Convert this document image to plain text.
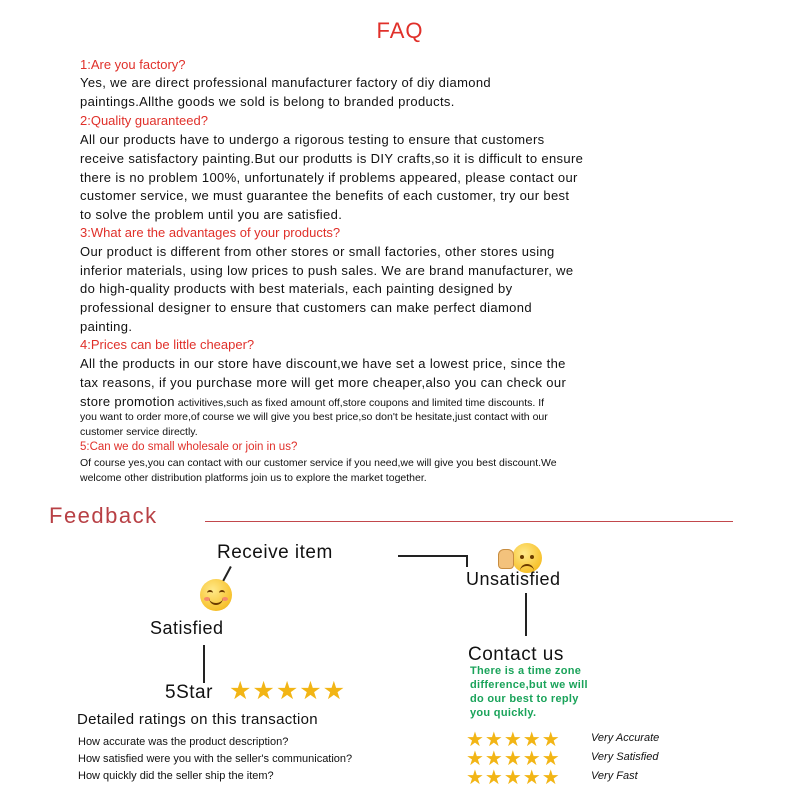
FAQ
1:Are you factory?
Yes, we are direct professional manufacturer factory of diy diamond
paintings.Allthe goods we sold is belong to branded products.
2:Quality guaranteed?
All our products have to undergo a rigorous testing to ensure that customers
receive satisfactory painting.But our produtts is DIY crafts,so it is difficult to ensure
there is no problem 100%, unfortunately if problems appeared, please contact our
customer service, we must guarantee the benefits of each customer, try our best
to solve the problem until you are satisfied.
3:What are the advantages of your products?
Our product is different from other stores or small factories, other stores using
inferior materials, using low prices to push sales. We are brand manufacturer, we
do high-quality products with best materials, each painting designed by
professional designer to ensure that customers can make perfect diamond
painting.
4:Prices can be little cheaper?
All the products in our store have discount,we have set a lowest price, since the
tax reasons, if you purchase more will get more cheaper,also you can check our
store promotion activitives,such as fixed amount off,store coupons and limited time discounts. If
you want to order more,of course we will give you best price,so don't be hesitate,just contact with our
customer service directly.
5:Can we do small wholesale or join in us?
Of course yes,you can contact with our customer service if you need,we will give you best discount.We
welcome other distribution platforms join us to explore the market together.
Feedback
Receive item
Satisfied
5Star ★★★★★
Unsatisfied
Contact us
There is a time zone
difference,but we will
do our best to reply
you quickly.
Detailed ratings on this transaction
How accurate was the product description?	★★★★★	Very Accurate
How satisfied were you with the seller's communication?	★★★★★	Very Satisfied
How quickly did the seller ship the item?	★★★★★	Very Fast
